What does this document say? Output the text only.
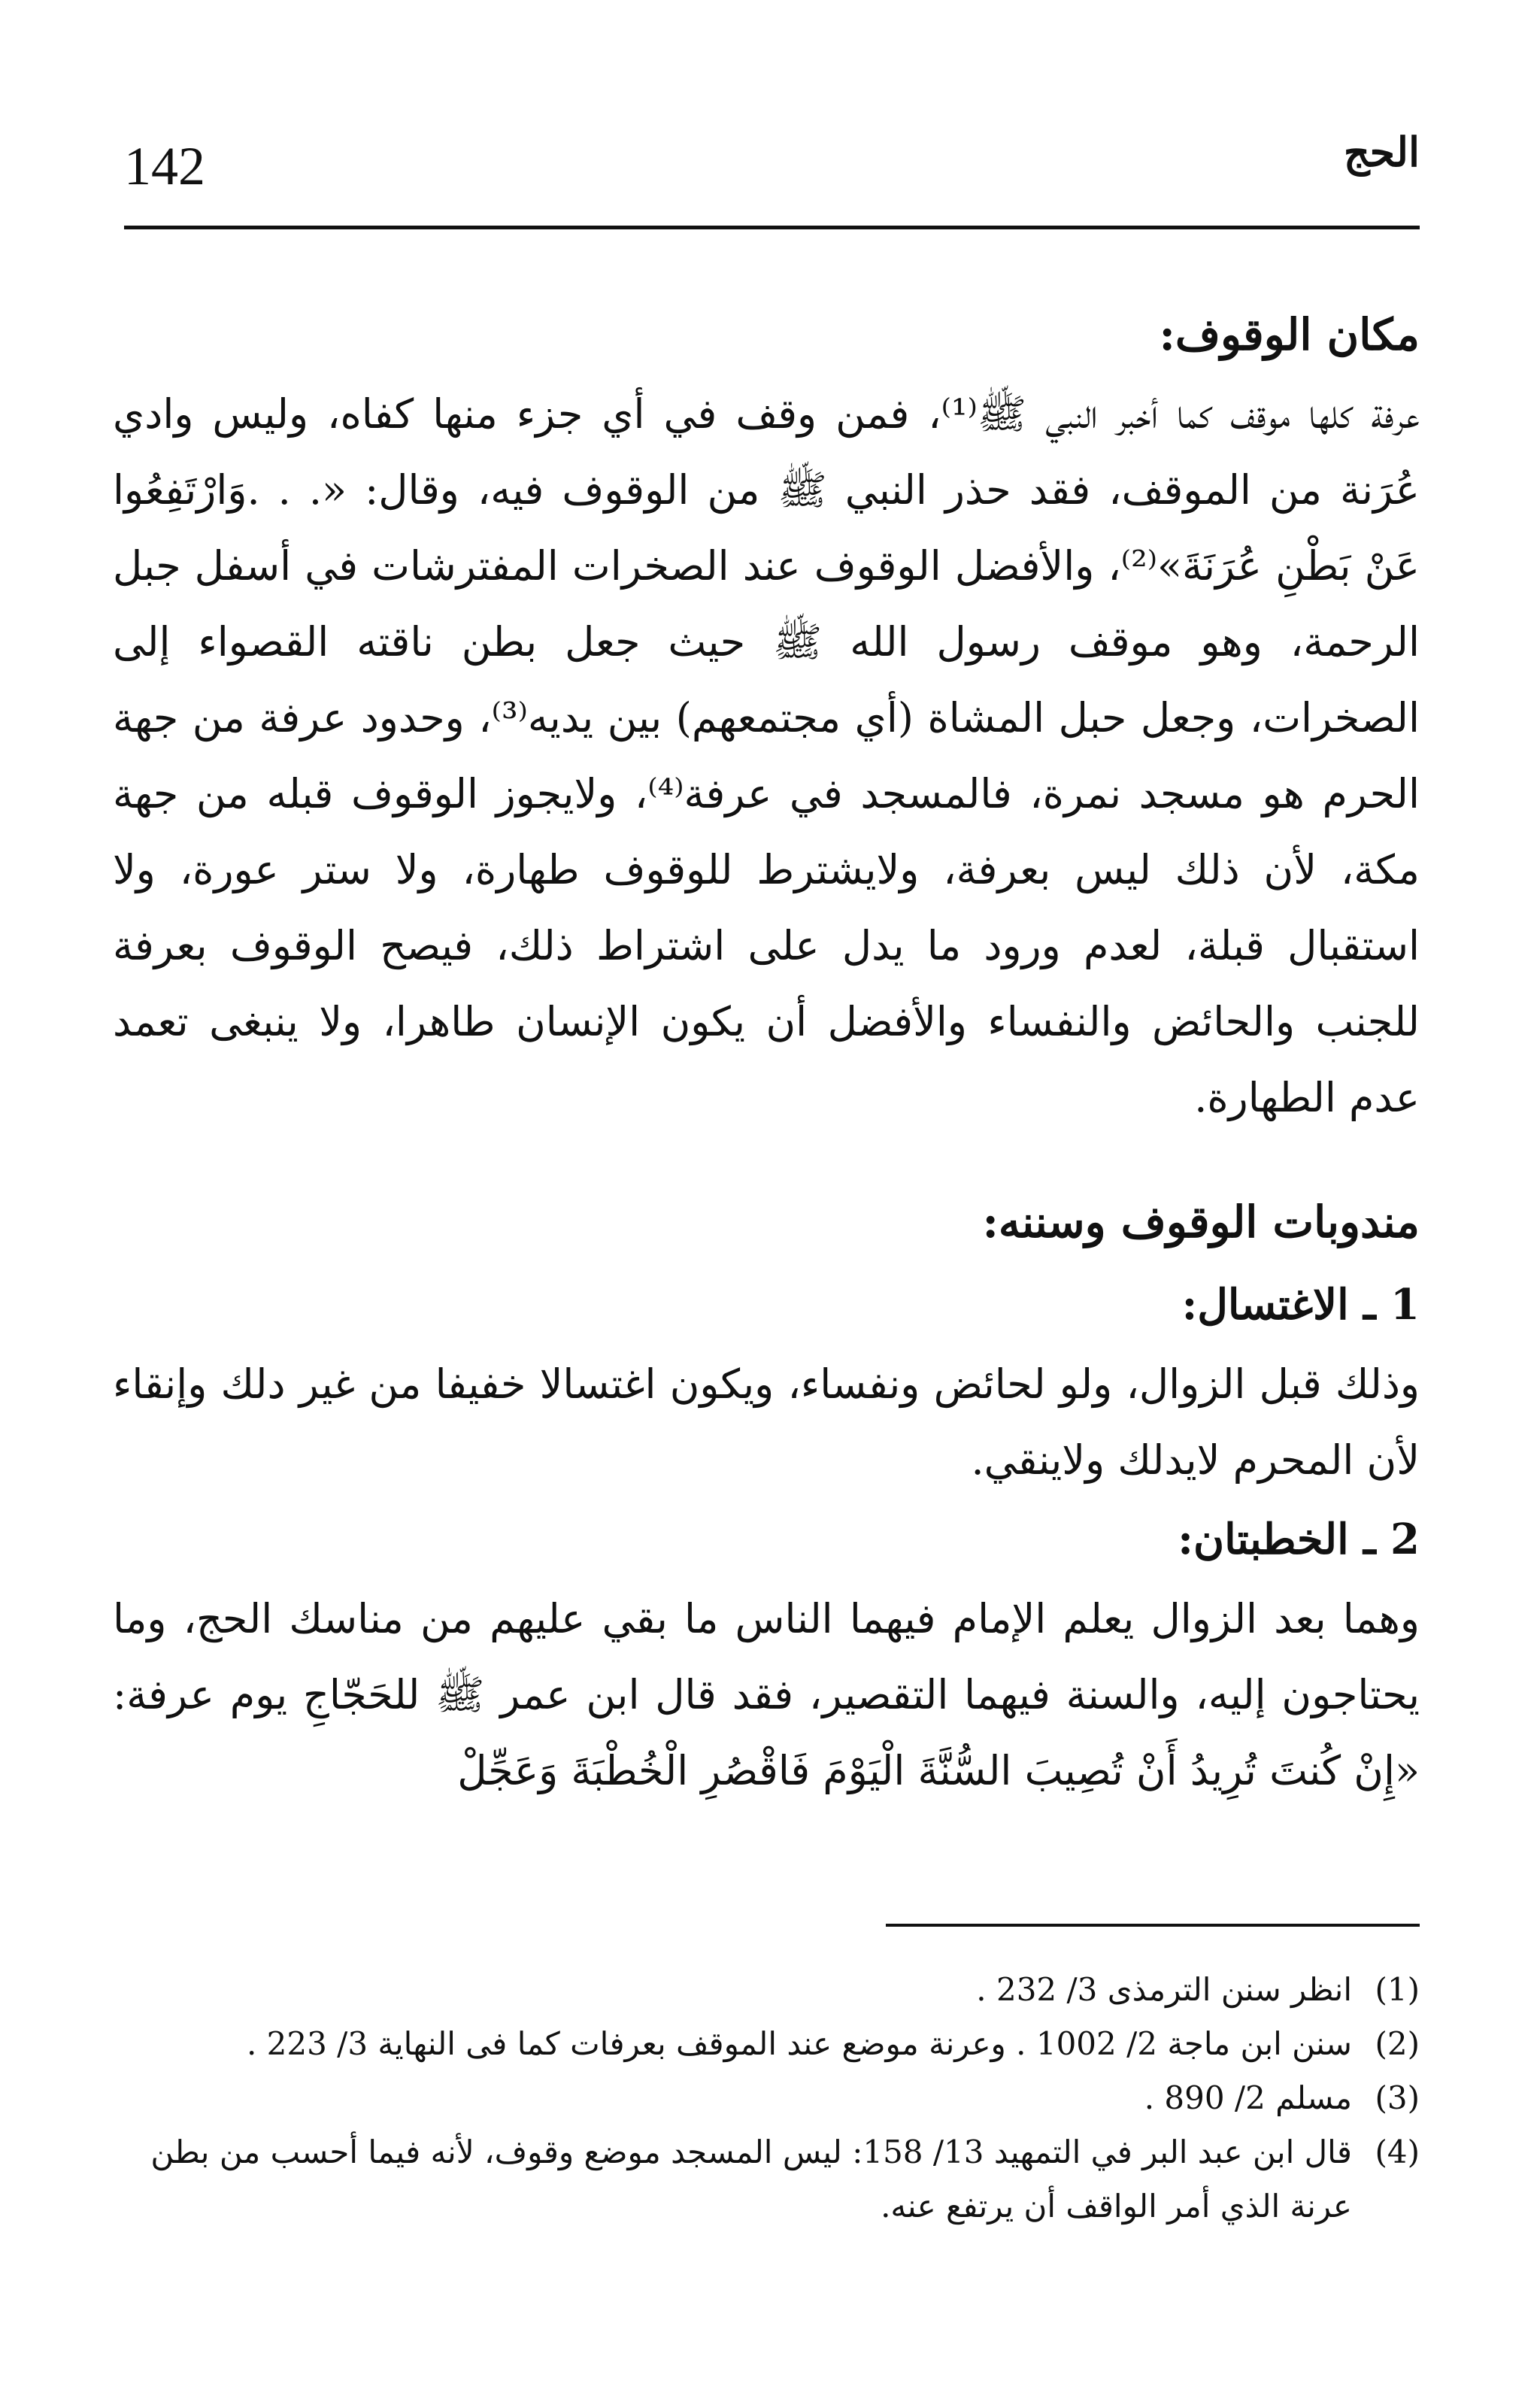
142	الحج
مكان الوقوف:

عرفة كلها موقف كما أخبر النبي ﷺ⁽¹⁾، فمن وقف في أي جزء منها كفاه، وليس وادي عُرَنة من الموقف، فقد حذر النبي ﷺ من الوقوف فيه، وقال: «. . .وَارْتَفِعُوا عَنْ بَطْنِ عُرَنَةَ»⁽²⁾، والأفضل الوقوف عند الصخرات المفترشات في أسفل جبل الرحمة، وهو موقف رسول الله ﷺ حيث جعل بطن ناقته القصواء إلى الصخرات، وجعل حبل المشاة (أي مجتمعهم) بين يديه⁽³⁾، وحدود عرفة من جهة الحرم هو مسجد نمرة، فالمسجد في عرفة⁽⁴⁾، ولايجوز الوقوف قبله من جهة مكة، لأن ذلك ليس بعرفة، ولايشترط للوقوف طهارة، ولا ستر عورة، ولا استقبال قبلة، لعدم ورود ما يدل على اشتراط ذلك، فيصح الوقوف بعرفة للجنب والحائض والنفساء والأفضل أن يكون الإنسان طاهرا، ولا ينبغى تعمد عدم الطهارة.

مندوبات الوقوف وسننه:
1 ـ الاغتسال:

وذلك قبل الزوال، ولو لحائض ونفساء، ويكون اغتسالا خفيفا من غير دلك وإنقاء لأن المحرم لايدلك ولاينقي.

2 ـ الخطبتان:

وهما بعد الزوال يعلم الإمام فيهما الناس ما بقي عليهم من مناسك الحج، وما يحتاجون إليه، والسنة فيهما التقصير، فقد قال ابن عمر ﷺ للحَجّاجِ يوم عرفة: «إِنْ كُنتَ تُرِيدُ أَنْ تُصِيبَ السُّنَّةَ الْيَوْمَ فَاقْصُرِ الْخُطْبَةَ وَعَجِّلْ

(1)
انظر سنن الترمذى 3/ 232 .
(2)
سنن ابن ماجة 2/ 1002 . وعرنة موضع عند الموقف بعرفات كما فى النهاية 3/ 223 .
(3)
مسلم 2/ 890 .
(4)
قال ابن عبد البر في التمهيد 13/ 158: ليس المسجد موضع وقوف، لأنه فيما أحسب من بطن عرنة الذي أمر الواقف أن يرتفع عنه.
